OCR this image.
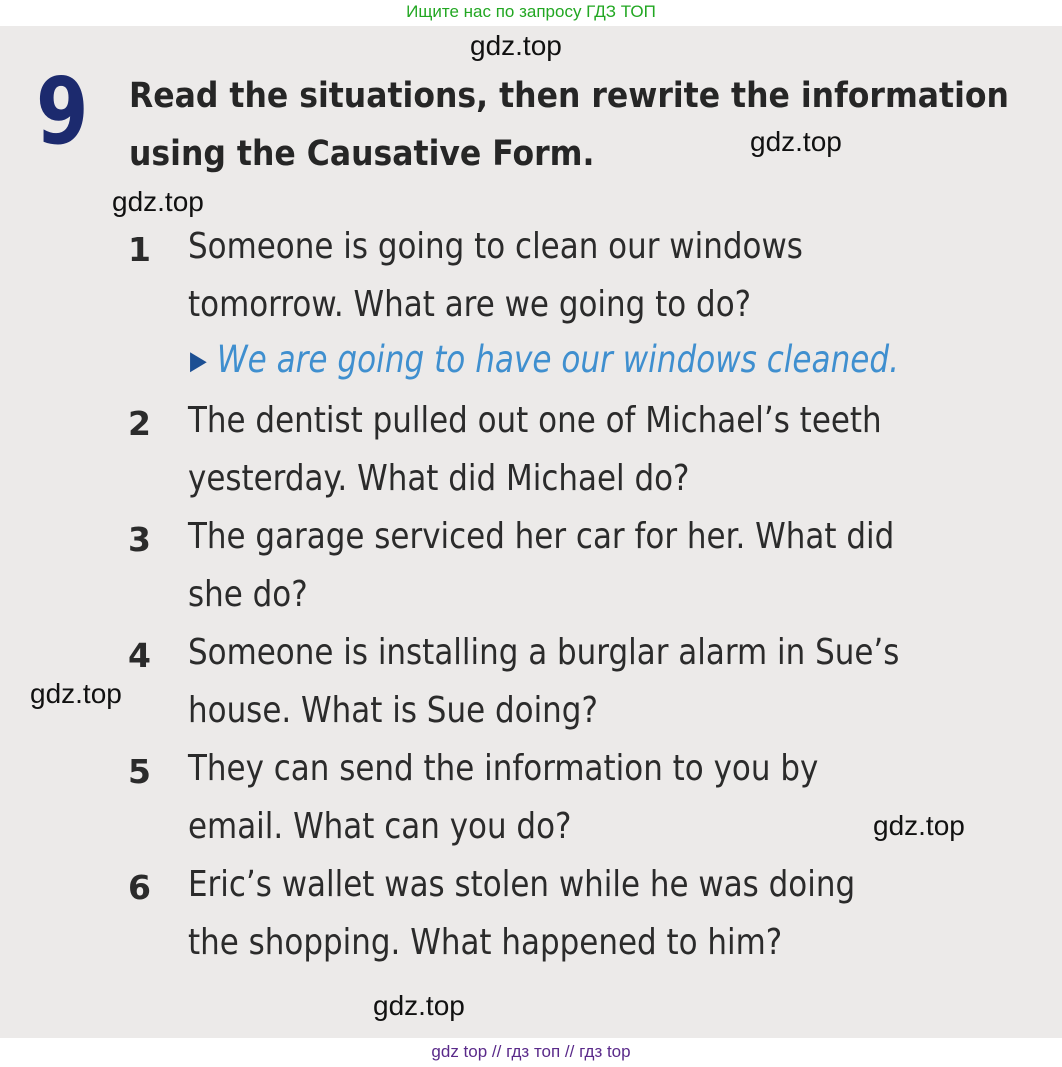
Ищите нас по запросу ГДЗ ТОП
9 Read the situations, then rewrite the information
using the Causative Form.
1 Someone is going to clean our windows
tomorrow. What are we going to do?
▶ We are going to have our windows cleaned.
2 The dentist pulled out one of Michael’s teeth
yesterday. What did Michael do?
3 The garage serviced her car for her. What did
she do?
4 Someone is installing a burglar alarm in Sue’s
house. What is Sue doing?
5 They can send the information to you by
email. What can you do?
6 Eric’s wallet was stolen while he was doing
the shopping. What happened to him?
gdz.top
gdz.top
gdz.top
gdz.top
gdz.top
gdz.top
gdz top // гдз топ // гдз top
